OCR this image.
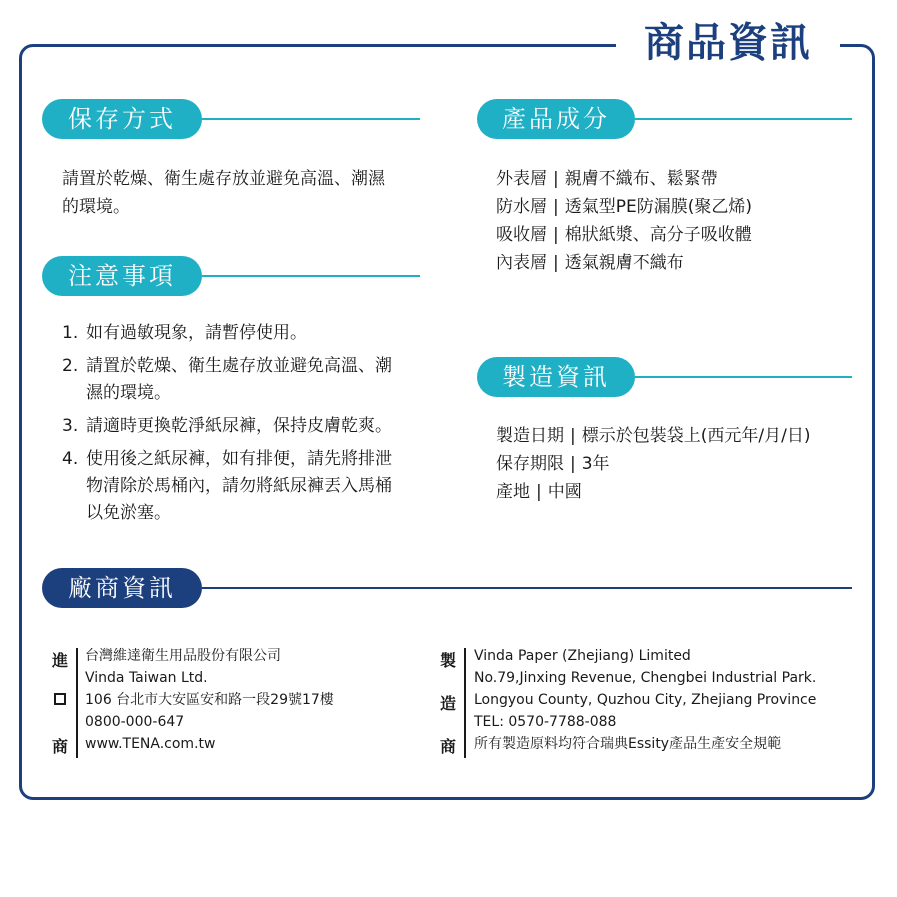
商品資訊
保存方式
請置於乾燥、衛生處存放並避免高溫、潮濕
的環境。
注意事項
1. 如有過敏現象，請暫停使用。
2. 請置於乾燥、衛生處存放並避免高溫、潮
濕的環境。
3. 請適時更換乾淨紙尿褲，保持皮膚乾爽。
4. 使用後之紙尿褲，如有排便，請先將排泄
物清除於馬桶內，請勿將紙尿褲丟入馬桶
以免淤塞。
產品成分
外表層 | 親膚不織布、鬆緊帶
防水層 | 透氣型PE防漏膜(聚乙烯)
吸收層 | 棉狀紙漿、高分子吸收體
內表層 | 透氣親膚不織布
製造資訊
製造日期 | 標示於包裝袋上(西元年/月/日)
保存期限 | 3年
產地 | 中國
廠商資訊
進
商
台灣維達衛生用品股份有限公司
Vinda Taiwan Ltd.
106 台北市大安區安和路一段29號17樓
0800-000-647
www.TENA.com.tw
製
造
商
Vinda Paper (Zhejiang) Limited
No.79,Jinxing Revenue, Chengbei Industrial Park.
Longyou County, Quzhou City, Zhejiang Province
TEL: 0570-7788-088
所有製造原料均符合瑞典Essity產品生產安全規範
